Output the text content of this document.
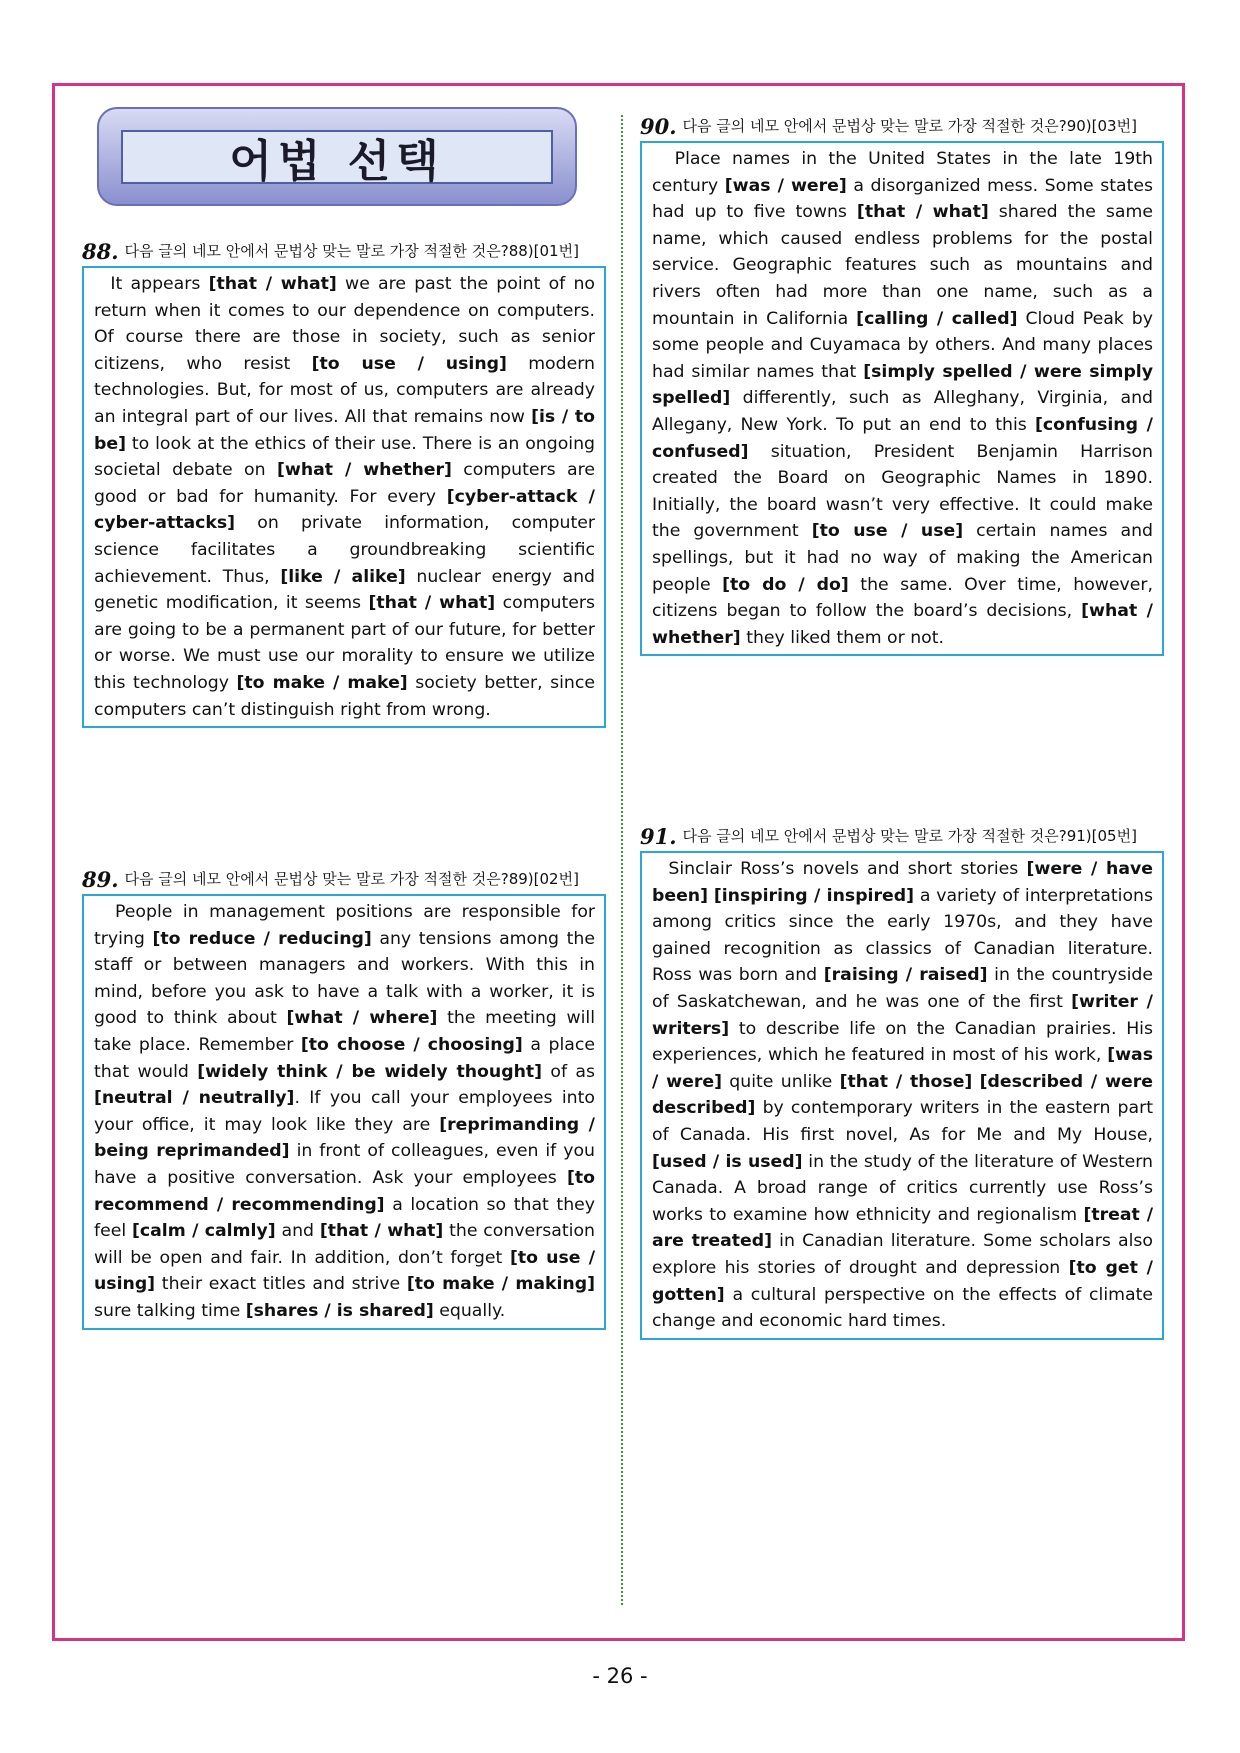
어법 선택
88. 다음 글의 네모 안에서 문법상 맞는 말로 가장 적절한 것은?88)[01번]
It appears [that / what] we are past the point of no return when it comes to our dependence on computers. Of course there are those in society, such as senior citizens, who resist [to use / using] modern technologies. But, for most of us, computers are already an integral part of our lives. All that remains now [is / to be] to look at the ethics of their use. There is an ongoing societal debate on [what / whether] computers are good or bad for humanity. For every [cyber-attack / cyber-attacks] on private information, computer science facilitates a groundbreaking scientific achievement. Thus, [like / alike] nuclear energy and genetic modification, it seems [that / what] computers are going to be a permanent part of our future, for better or worse. We must use our morality to ensure we utilize this technology [to make / make] society better, since computers can’t distinguish right from wrong.
89. 다음 글의 네모 안에서 문법상 맞는 말로 가장 적절한 것은?89)[02번]
People in management positions are responsible for trying [to reduce / reducing] any tensions among the staff or between managers and workers. With this in mind, before you ask to have a talk with a worker, it is good to think about [what / where] the meeting will take place. Remember [to choose / choosing] a place that would [widely think / be widely thought] of as [neutral / neutrally]. If you call your employees into your office, it may look like they are [reprimanding / being reprimanded] in front of colleagues, even if you have a positive conversation. Ask your employees [to recommend / recommending] a location so that they feel [calm / calmly] and [that / what] the conversation will be open and fair. In addition, don’t forget [to use / using] their exact titles and strive [to make / making] sure talking time [shares / is shared] equally.
90. 다음 글의 네모 안에서 문법상 맞는 말로 가장 적절한 것은?90)[03번]
Place names in the United States in the late 19th century [was / were] a disorganized mess. Some states had up to five towns [that / what] shared the same name, which caused endless problems for the postal service. Geographic features such as mountains and rivers often had more than one name, such as a mountain in California [calling / called] Cloud Peak by some people and Cuyamaca by others. And many places had similar names that [simply spelled / were simply spelled] differently, such as Alleghany, Virginia, and Allegany, New York. To put an end to this [confusing / confused] situation, President Benjamin Harrison created the Board on Geographic Names in 1890. Initially, the board wasn’t very effective. It could make the government [to use / use] certain names and spellings, but it had no way of making the American people [to do / do] the same. Over time, however, citizens began to follow the board’s decisions, [what / whether] they liked them or not.
91. 다음 글의 네모 안에서 문법상 맞는 말로 가장 적절한 것은?91)[05번]
Sinclair Ross’s novels and short stories [were / have been] [inspiring / inspired] a variety of interpretations among critics since the early 1970s, and they have gained recognition as classics of Canadian literature. Ross was born and [raising / raised] in the countryside of Saskatchewan, and he was one of the first [writer / writers] to describe life on the Canadian prairies. His experiences, which he featured in most of his work, [was / were] quite unlike [that / those] [described / were described] by contemporary writers in the eastern part of Canada. His first novel, As for Me and My House, [used / is used] in the study of the literature of Western Canada. A broad range of critics currently use Ross’s works to examine how ethnicity and regionalism [treat / are treated] in Canadian literature. Some scholars also explore his stories of drought and depression [to get / gotten] a cultural perspective on the effects of climate change and economic hard times.
- 26 -
